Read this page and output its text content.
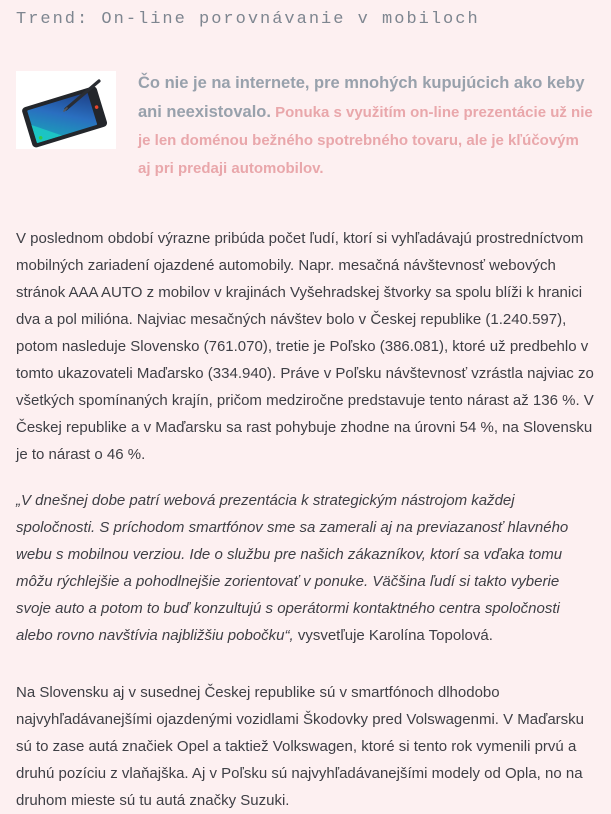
Trend: On-line porovnávanie v mobiloch
Čo nie je na internete, pre mnohých kupujúcich ako keby ani neexistovalo. Ponuka s využitím on-line prezentácie už nie je len doménou bežného spotrebného tovaru, ale je kľúčovým aj pri predaji automobilov.

V poslednom období výrazne pribúda počet ľudí, ktorí si vyhľadávajú prostredníctvom mobilných zariadení ojazdené automobily. Napr. mesačná návštevnosť webových stránok AAA AUTO z mobilov v krajinách Vyšehradskej štvorky sa spolu blíži k hranici dva a pol milióna. Najviac mesačných návštev bolo v Českej republike (1.240.597), potom nasleduje Slovensko (761.070), tretie je Poľsko (386.081), ktoré už predbehlo v tomto ukazovateli Maďarsko (334.940). Práve v Poľsku návštevnosť vzrástla najviac zo všetkých spomínaných krajín, pričom medziročne predstavuje tento nárast až 136 %. V Českej republike a v Maďarsku sa rast pohybuje zhodne na úrovni 54 %, na Slovensku je to nárast o 46 %.

„V dnešnej dobe patrí webová prezentácia k strategickým nástrojom každej spoločnosti. S príchodom smartfónov sme sa zamerali aj na previazanosť hlavného webu s mobilnou verziou. Ide o službu pre našich zákazníkov, ktorí sa vďaka tomu môžu rýchlejšie a pohodlnejšie zorientovať v ponuke. Väčšina ľudí si takto vyberie svoje auto a potom to buď konzultujú s operátormi kontaktného centra spoločnosti alebo rovno navštívia najbližšiu pobočku“, vysvetľuje Karolína Topolová.

Na Slovensku aj v susednej Českej republike sú v smartfónoch dlhodobo najvyhľadávanejšími ojazdenými vozidlami Škodovky pred Volswagenmi. V Maďarsku sú to zase autá značiek Opel a taktiež Volkswagen, ktoré si tento rok vymenili prvú a druhú pozíciu z vlaňajška. Aj v Poľsku sú najvyhľadávanejšími modely od Opla, no na druhom mieste sú tu autá značky Suzuki.
